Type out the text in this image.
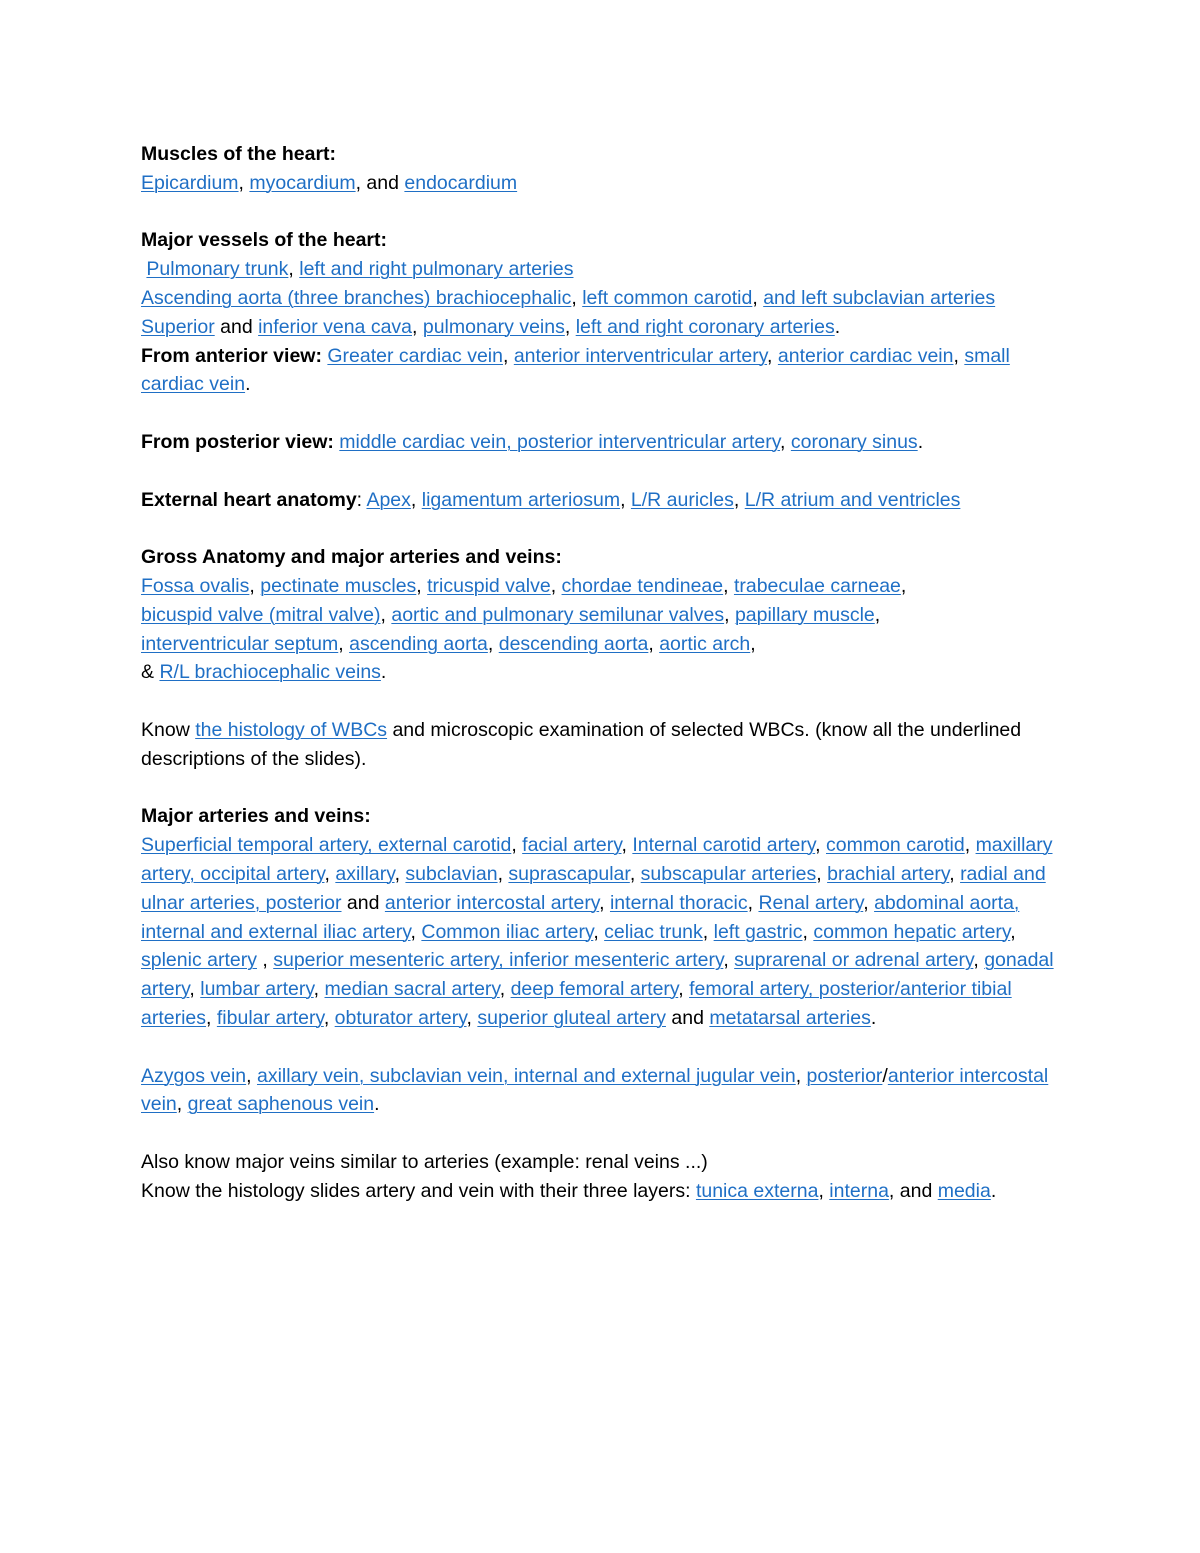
Muscles of the heart:
Epicardium, myocardium, and endocardium

Major vessels of the heart:
Pulmonary trunk, left and right pulmonary arteries
Ascending aorta (three branches) brachiocephalic, left common carotid, and left subclavian arteries
Superior and inferior vena cava, pulmonary veins, left and right coronary arteries.
From anterior view: Greater cardiac vein, anterior interventricular artery, anterior cardiac vein, small cardiac vein.

From posterior view: middle cardiac vein, posterior interventricular artery, coronary sinus.

External heart anatomy: Apex, ligamentum arteriosum, L/R auricles, L/R atrium and ventricles

Gross Anatomy and major arteries and veins:
Fossa ovalis, pectinate muscles, tricuspid valve, chordae tendineae, trabeculae carneae,
bicuspid valve (mitral valve), aortic and pulmonary semilunar valves, papillary muscle,
interventricular septum, ascending aorta, descending aorta, aortic arch,
& R/L brachiocephalic veins.

Know the histology of WBCs and microscopic examination of selected WBCs. (know all the underlined descriptions of the slides).

Major arteries and veins:
Superficial temporal artery, external carotid, facial artery, Internal carotid artery, common carotid, maxillary artery, occipital artery, axillary, subclavian, suprascapular, subscapular arteries, brachial artery, radial and ulnar arteries, posterior and anterior intercostal artery, internal thoracic, Renal artery, abdominal aorta, internal and external iliac artery, Common iliac artery, celiac trunk, left gastric, common hepatic artery, splenic artery , superior mesenteric artery, inferior mesenteric artery, suprarenal or adrenal artery, gonadal artery, lumbar artery, median sacral artery, deep femoral artery, femoral artery, posterior/anterior tibial arteries, fibular artery, obturator artery, superior gluteal artery and metatarsal arteries.

Azygos vein, axillary vein, subclavian vein, internal and external jugular vein, posterior/anterior intercostal vein, great saphenous vein.

Also know major veins similar to arteries (example: renal veins ...)
Know the histology slides artery and vein with their three layers: tunica externa, interna, and media.
